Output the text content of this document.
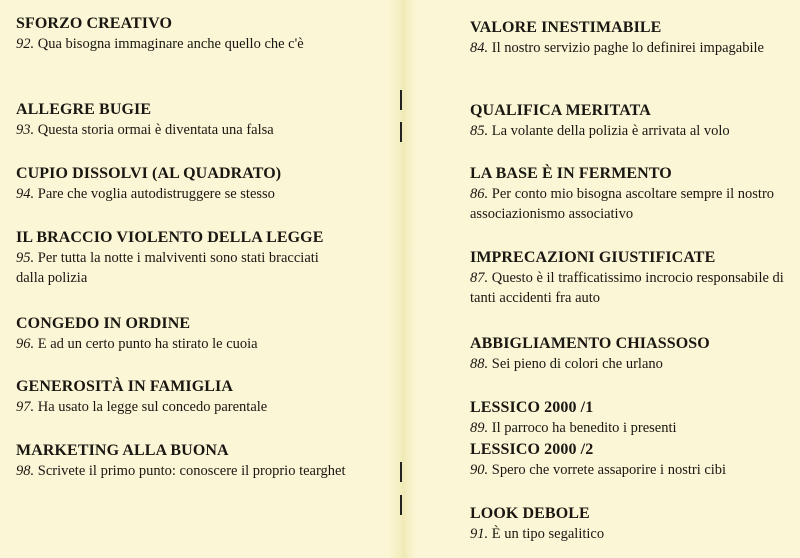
SFORZO CREATIVO

92. Qua bisogna immaginare anche quello che c'è

ALLEGRE BUGIE

93. Questa storia ormai è diventata una falsa

CUPIO DISSOLVI (AL QUADRATO)

94. Pare che voglia autodistruggere se stesso

IL BRACCIO VIOLENTO DELLA LEGGE

95. Per tutta la notte i malviventi sono stati bracciati dalla polizia

CONGEDO IN ORDINE

96. E ad un certo punto ha stirato le cuoia

GENEROSITÀ IN FAMIGLIA

97. Ha usato la legge sul concedo parentale

MARKETING ALLA BUONA

98. Scrivete il primo punto: conoscere il proprio tearghet

VALORE INESTIMABILE

84. Il nostro servizio paghe lo definirei impagabile

QUALIFICA MERITATA

85. La volante della polizia è arrivata al volo

LA BASE È IN FERMENTO

86. Per conto mio bisogna ascoltare sempre il nostro associazionismo associativo

IMPRECAZIONI GIUSTIFICATE

87. Questo è il trafficatissimo incrocio responsabile di tanti accidenti fra auto

ABBIGLIAMENTO CHIASSOSO

88. Sei pieno di colori che urlano

LESSICO 2000 /1

89. Il parroco ha benedito i presenti

LESSICO 2000 /2

90. Spero che vorrete assaporire i nostri cibi

LOOK DEBOLE

91. È un tipo segalitico
